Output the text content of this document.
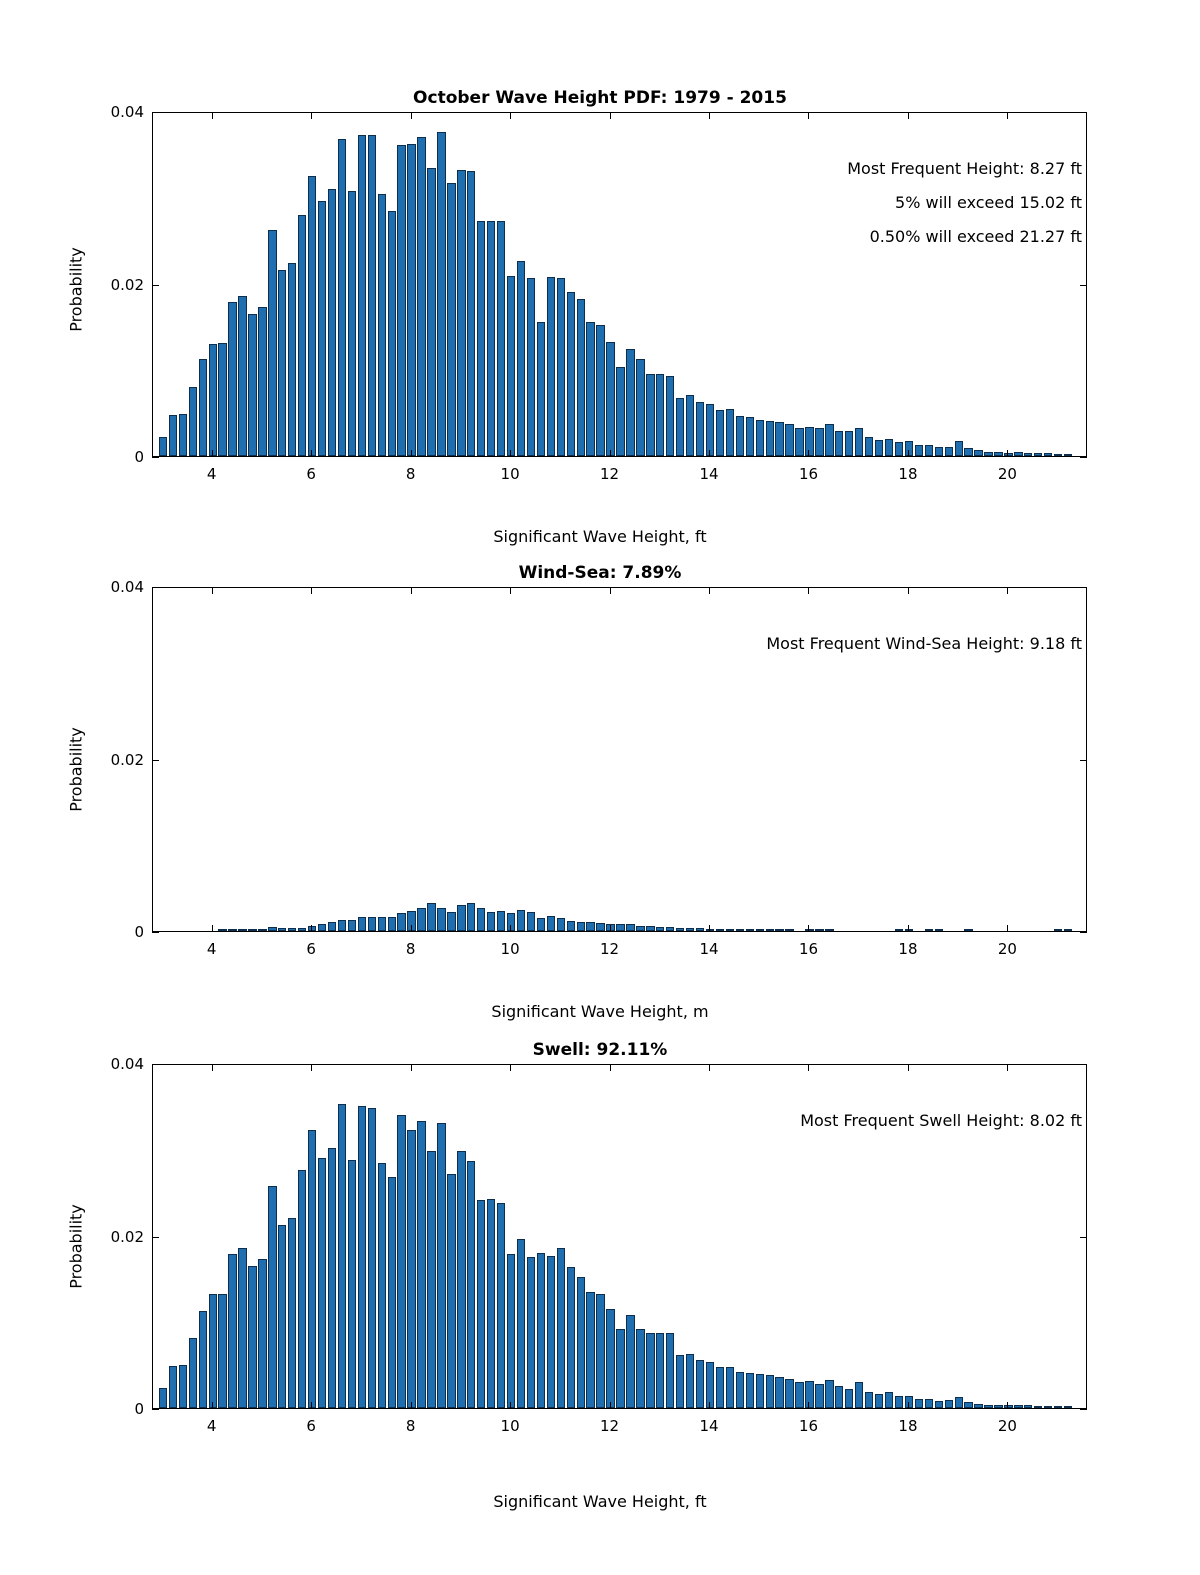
October Wave Height PDF: 1979 - 2015
Probability
Most Frequent Height: 8.27 ft
5% will exceed 15.02 ft
0.50% will exceed 21.27 ft
Significant Wave Height, ft
0
0.02
0.04
4	6	8	10	12	14	16	18	20
Wind-Sea: 7.89%
Probability
Most Frequent Wind-Sea Height: 9.18 ft
Significant Wave Height, m
0
0.02
0.04
4	6	8	10	12	14	16	18	20
Swell: 92.11%
Probability
Most Frequent Swell Height: 8.02 ft
Significant Wave Height, ft
0
0.02
0.04
4	6	8	10	12	14	16	18	20
